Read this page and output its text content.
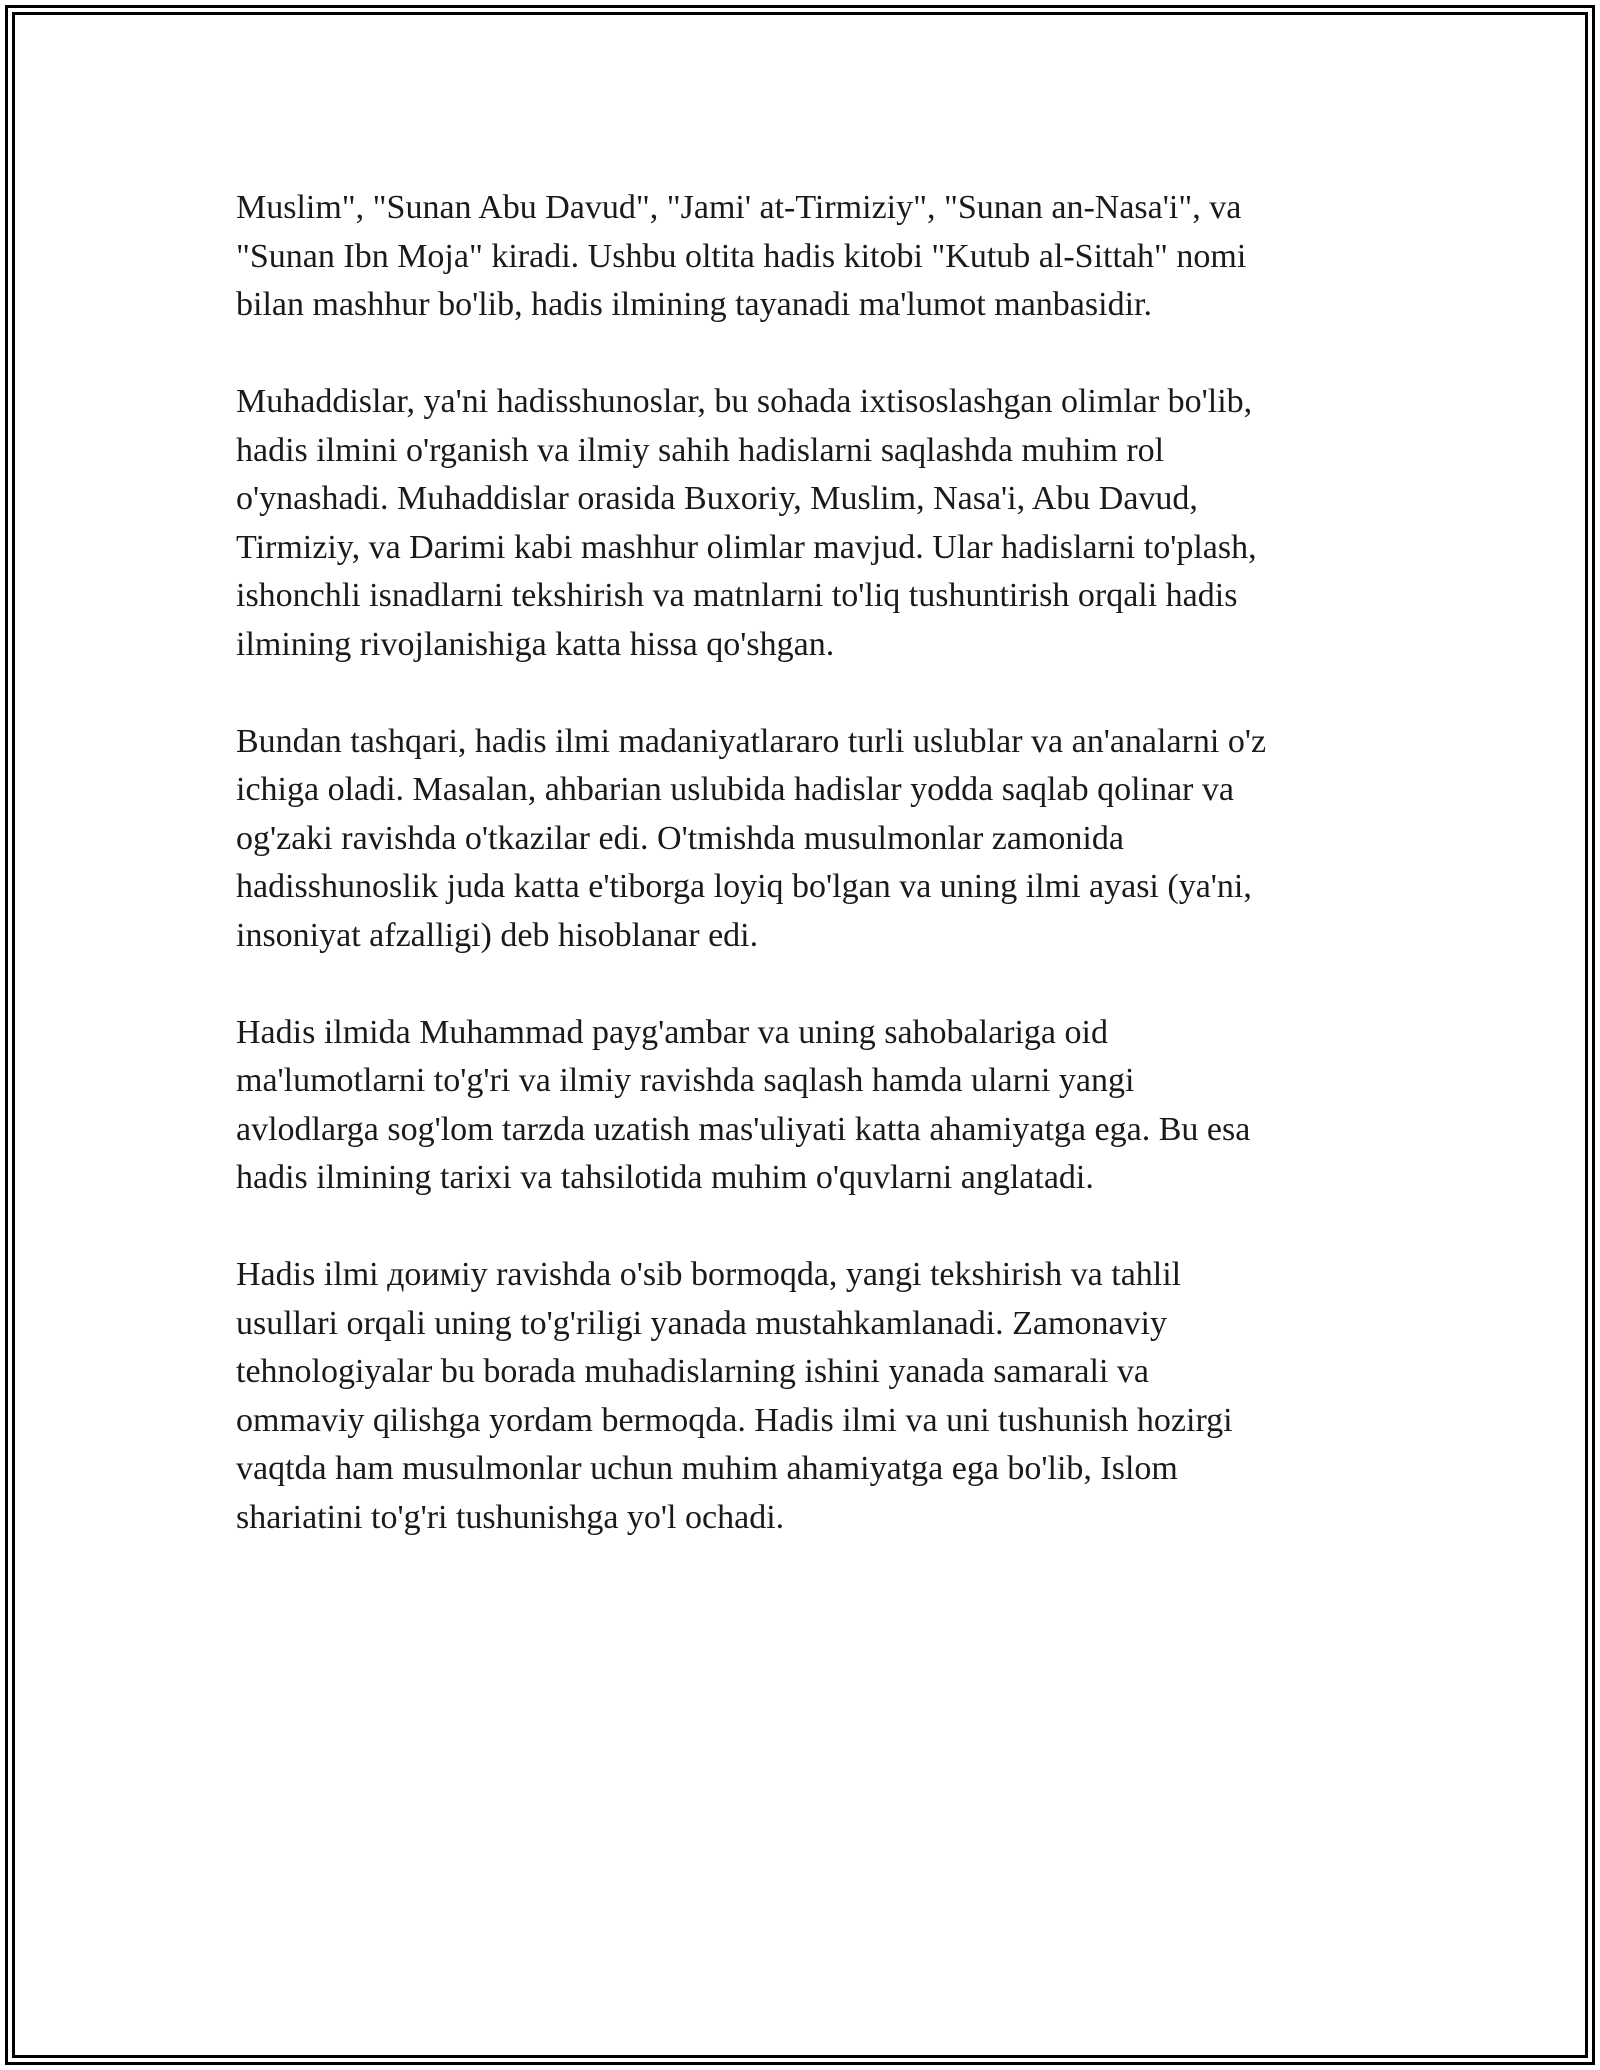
Muslim", "Sunan Abu Davud", "Jami' at-Tirmiziy", "Sunan an-Nasa'i", va
"Sunan Ibn Moja" kiradi. Ushbu oltita hadis kitobi "Kutub al-Sittah" nomi
bilan mashhur bo'lib, hadis ilmining tayanadi ma'lumot manbasidir.

Muhaddislar, ya'ni hadisshunoslar, bu sohada ixtisoslashgan olimlar bo'lib,
hadis ilmini o'rganish va ilmiy sahih hadislarni saqlashda muhim rol
o'ynashadi. Muhaddislar orasida Buxoriy, Muslim, Nasa'i, Abu Davud,
Tirmiziy, va Darimi kabi mashhur olimlar mavjud. Ular hadislarni to'plash,
ishonchli isnadlarni tekshirish va matnlarni to'liq tushuntirish orqali hadis
ilmining rivojlanishiga katta hissa qo'shgan.

Bundan tashqari, hadis ilmi madaniyatlararo turli uslublar va an'analarni o'z
ichiga oladi. Masalan, ahbarian uslubida hadislar yodda saqlab qolinar va
og'zaki ravishda o'tkazilar edi. O'tmishda musulmonlar zamonida
hadisshunoslik juda katta e'tiborga loyiq bo'lgan va uning ilmi ayasi (ya'ni,
insoniyat afzalligi) deb hisoblanar edi.

Hadis ilmida Muhammad payg'ambar va uning sahobalariga oid
ma'lumotlarni to'g'ri va ilmiy ravishda saqlash hamda ularni yangi
avlodlarga sog'lom tarzda uzatish mas'uliyati katta ahamiyatga ega. Bu esa
hadis ilmining tarixi va tahsilotida muhim o'quvlarni anglatadi.

Hadis ilmi доимiy ravishda o'sib bormoqda, yangi tekshirish va tahlil
usullari orqali uning to'g'riligi yanada mustahkamlanadi. Zamonaviy
tehnologiyalar bu borada muhadislarning ishini yanada samarali va
ommaviy qilishga yordam bermoqda. Hadis ilmi va uni tushunish hozirgi
vaqtda ham musulmonlar uchun muhim ahamiyatga ega bo'lib, Islom
shariatini to'g'ri tushunishga yo'l ochadi.
